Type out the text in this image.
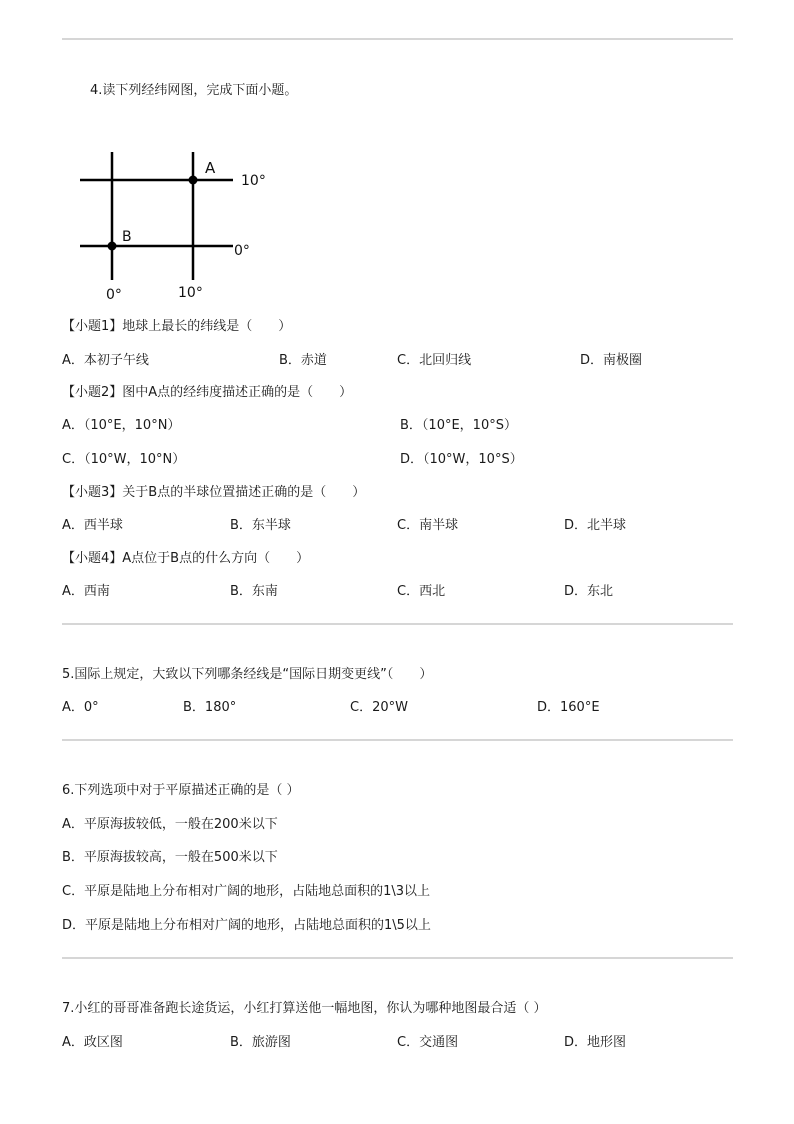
4.读下列经纬网图，完成下面小题。
A
B
10°
0°
0°	10°
【小题1】地球上最长的纬线是（　　）
A．本初子午线	B．赤道	C．北回归线	D．南极圈
【小题2】图中A点的经纬度描述正确的是（　　）
A．（10°E，10°N）	B．（10°E，10°S）
C．（10°W，10°N）	D．（10°W，10°S）
【小题3】关于B点的半球位置描述正确的是（　　）
A．西半球	B．东半球	C．南半球	D．北半球
【小题4】A点位于B点的什么方向（　　）
A．西南	B．东南	C．西北	D．东北
5.国际上规定，大致以下列哪条经线是“国际日期变更线”（　　）
A．0°	B．180°	C．20°W	D．160°E
6.下列选项中对于平原描述正确的是（ ）
A．平原海拔较低，一般在200米以下
B．平原海拔较高，一般在500米以下
C．平原是陆地上分布相对广阔的地形，占陆地总面积的1\3以上
D．平原是陆地上分布相对广阔的地形，占陆地总面积的1\5以上
7.小红的哥哥准备跑长途货运，小红打算送他一幅地图，你认为哪种地图最合适（ ）
A．政区图	B．旅游图	C．交通图	D．地形图
